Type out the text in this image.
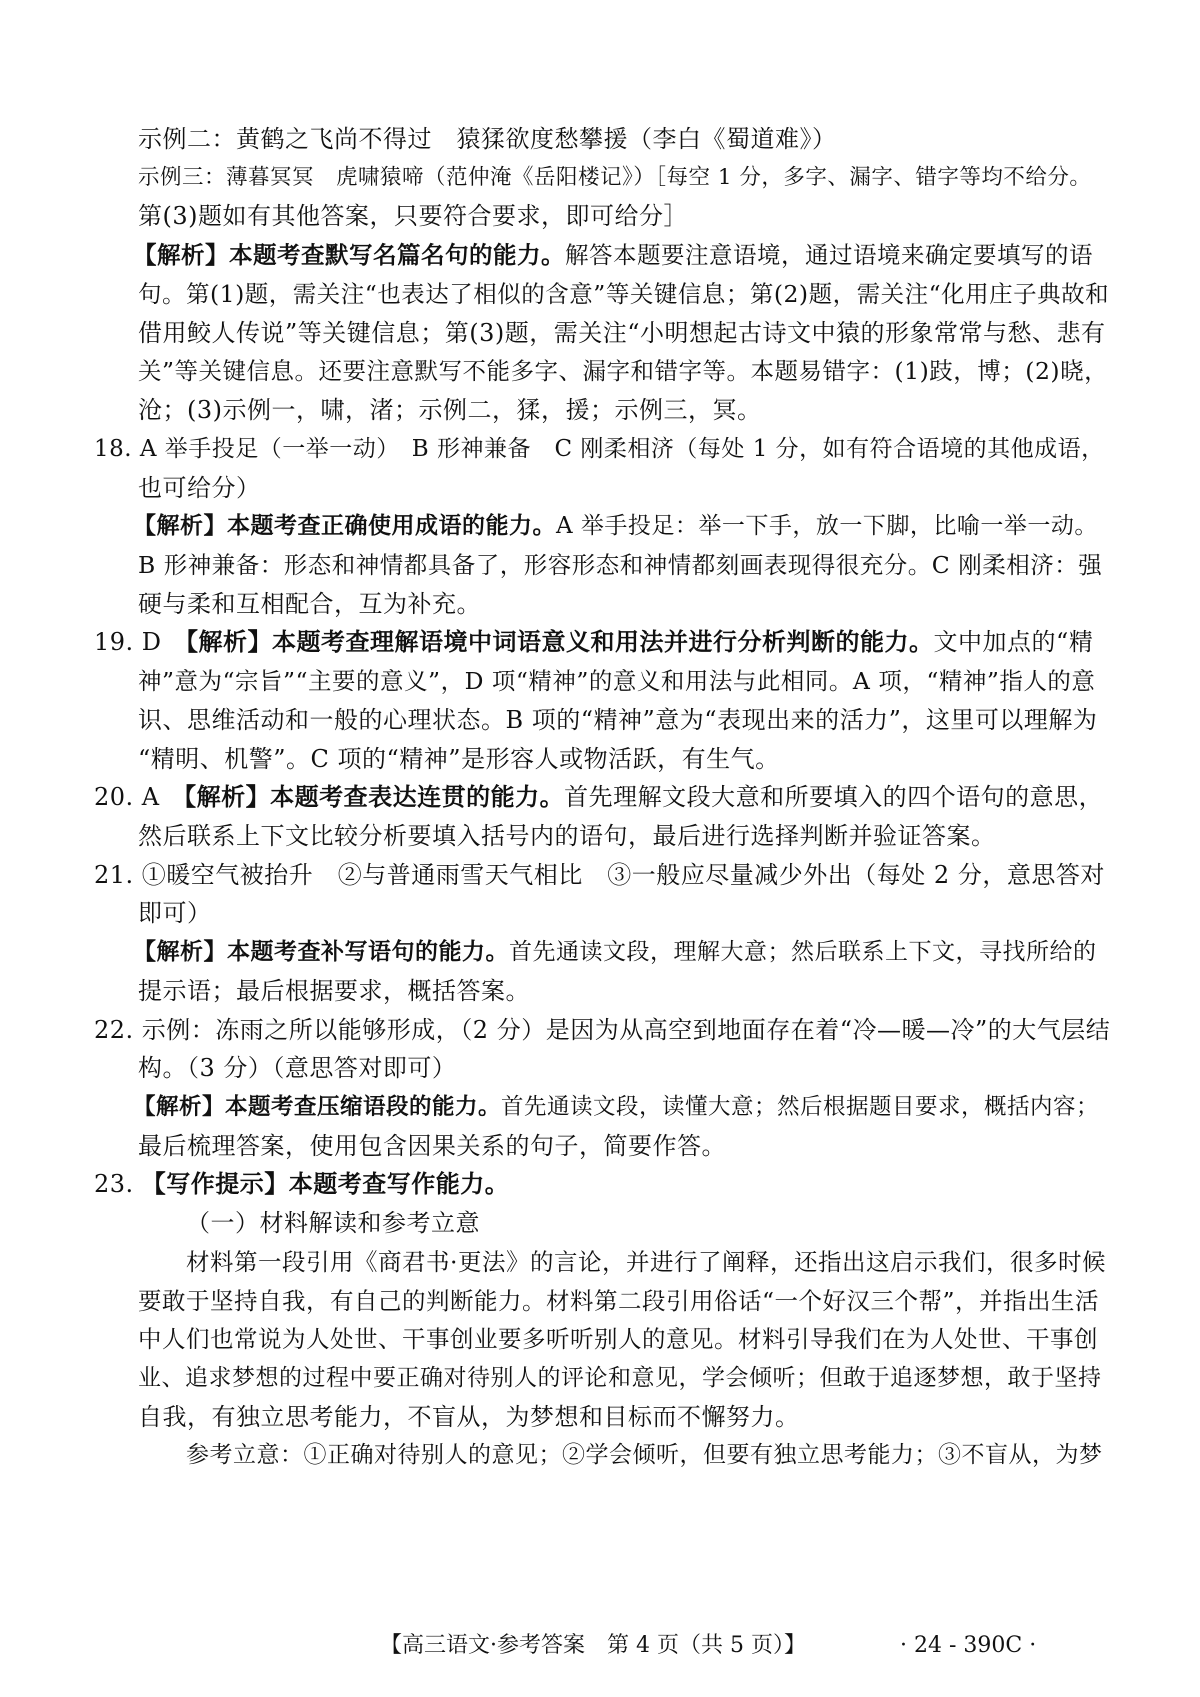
示例二：黄鹤之飞尚不得过　猿猱欲度愁攀援（李白《蜀道难》）
示例三：薄暮冥冥　虎啸猿啼（范仲淹《岳阳楼记》）［每空 1 分，多字、漏字、错字等均不给分。
第(3)题如有其他答案，只要符合要求，即可给分］
【解析】本题考查默写名篇名句的能力。解答本题要注意语境，通过语境来确定要填写的语
句。第(1)题，需关注“也表达了相似的含意”等关键信息；第(2)题，需关注“化用庄子典故和
借用鲛人传说”等关键信息；第(3)题，需关注“小明想起古诗文中猿的形象常常与愁、悲有
关”等关键信息。还要注意默写不能多字、漏字和错字等。本题易错字：(1)跂，博；(2)晓，
沧；(3)示例一，啸，渚；示例二，猱，援；示例三，冥。
18. A 举手投足（一举一动）　B 形神兼备　C 刚柔相济（每处 1 分，如有符合语境的其他成语，
也可给分）
【解析】本题考查正确使用成语的能力。A 举手投足：举一下手，放一下脚，比喻一举一动。
B 形神兼备：形态和神情都具备了，形容形态和神情都刻画表现得很充分。C 刚柔相济：强
硬与柔和互相配合，互为补充。
19. D　【解析】本题考查理解语境中词语意义和用法并进行分析判断的能力。文中加点的“精
神”意为“宗旨”“主要的意义”，D 项“精神”的意义和用法与此相同。A 项，“精神”指人的意
识、思维活动和一般的心理状态。B 项的“精神”意为“表现出来的活力”，这里可以理解为
“精明、机警”。C 项的“精神”是形容人或物活跃，有生气。
20. A　【解析】本题考查表达连贯的能力。首先理解文段大意和所要填入的四个语句的意思，
然后联系上下文比较分析要填入括号内的语句，最后进行选择判断并验证答案。
21. ①暖空气被抬升　②与普通雨雪天气相比　③一般应尽量减少外出（每处 2 分，意思答对
即可）
【解析】本题考查补写语句的能力。首先通读文段，理解大意；然后联系上下文，寻找所给的
提示语；最后根据要求，概括答案。
22. 示例：冻雨之所以能够形成，（2 分）是因为从高空到地面存在着“冷—暖—冷”的大气层结
构。（3 分）（意思答对即可）
【解析】本题考查压缩语段的能力。首先通读文段，读懂大意；然后根据题目要求，概括内容；
最后梳理答案，使用包含因果关系的句子，简要作答。
23. 【写作提示】本题考查写作能力。
（一）材料解读和参考立意
材料第一段引用《商君书·更法》的言论，并进行了阐释，还指出这启示我们，很多时候
要敢于坚持自我，有自己的判断能力。材料第二段引用俗话“一个好汉三个帮”，并指出生活
中人们也常说为人处世、干事创业要多听听别人的意见。材料引导我们在为人处世、干事创
业、追求梦想的过程中要正确对待别人的评论和意见，学会倾听；但敢于追逐梦想，敢于坚持
自我，有独立思考能力，不盲从，为梦想和目标而不懈努力。
参考立意：①正确对待别人的意见；②学会倾听，但要有独立思考能力；③不盲从，为梦
【高三语文·参考答案　第 4 页（共 5 页）】	· 24 - 390C ·
